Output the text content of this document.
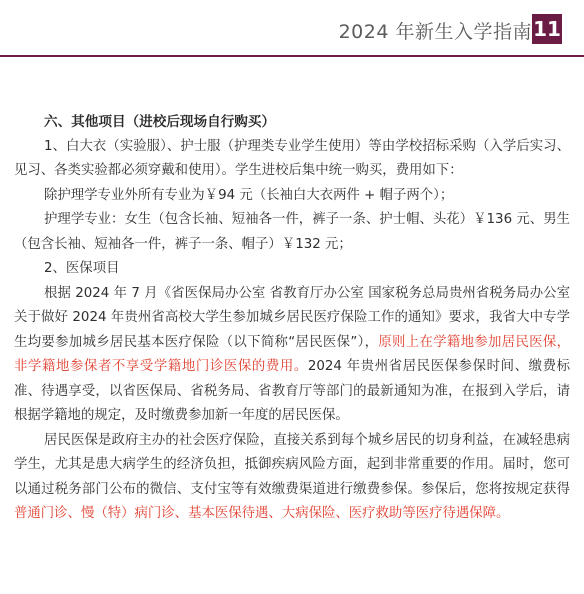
2024 年新生入学指南 11

六、其他项目（进校后现场自行购买）

1、白大衣（实验服）、护士服（护理类专业学生使用）等由学校招标采购（入学后实习、见习、各类实验都必须穿戴和使用）。学生进校后集中统一购买，费用如下：

除护理学专业外所有专业为￥94 元（长袖白大衣两件 + 帽子两个）；

护理学专业：女生（包含长袖、短袖各一件，裤子一条、护士帽、头花）￥136 元、男生（包含长袖、短袖各一件，裤子一条、帽子）￥132 元；

2、医保项目

根据 2024 年 7 月《省医保局办公室 省教育厅办公室 国家税务总局贵州省税务局办公室关于做好 2024 年贵州省高校大学生参加城乡居民医疗保险工作的通知》要求，我省大中专学生均要参加城乡居民基本医疗保险（以下简称“居民医保”），原则上在学籍地参加居民医保，非学籍地参保者不享受学籍地门诊医保的费用。2024 年贵州省居民医保参保时间、缴费标准、待遇享受，以省医保局、省税务局、省教育厅等部门的最新通知为准，在报到入学后，请根据学籍地的规定，及时缴费参加新一年度的居民医保。

居民医保是政府主办的社会医疗保险，直接关系到每个城乡居民的切身利益，在减轻患病学生，尤其是患大病学生的经济负担，抵御疾病风险方面，起到非常重要的作用。届时，您可以通过税务部门公布的微信、支付宝等有效缴费渠道进行缴费参保。参保后，您将按规定获得普通门诊、慢（特）病门诊、基本医保待遇、大病保险、医疗救助等医疗待遇保障。
